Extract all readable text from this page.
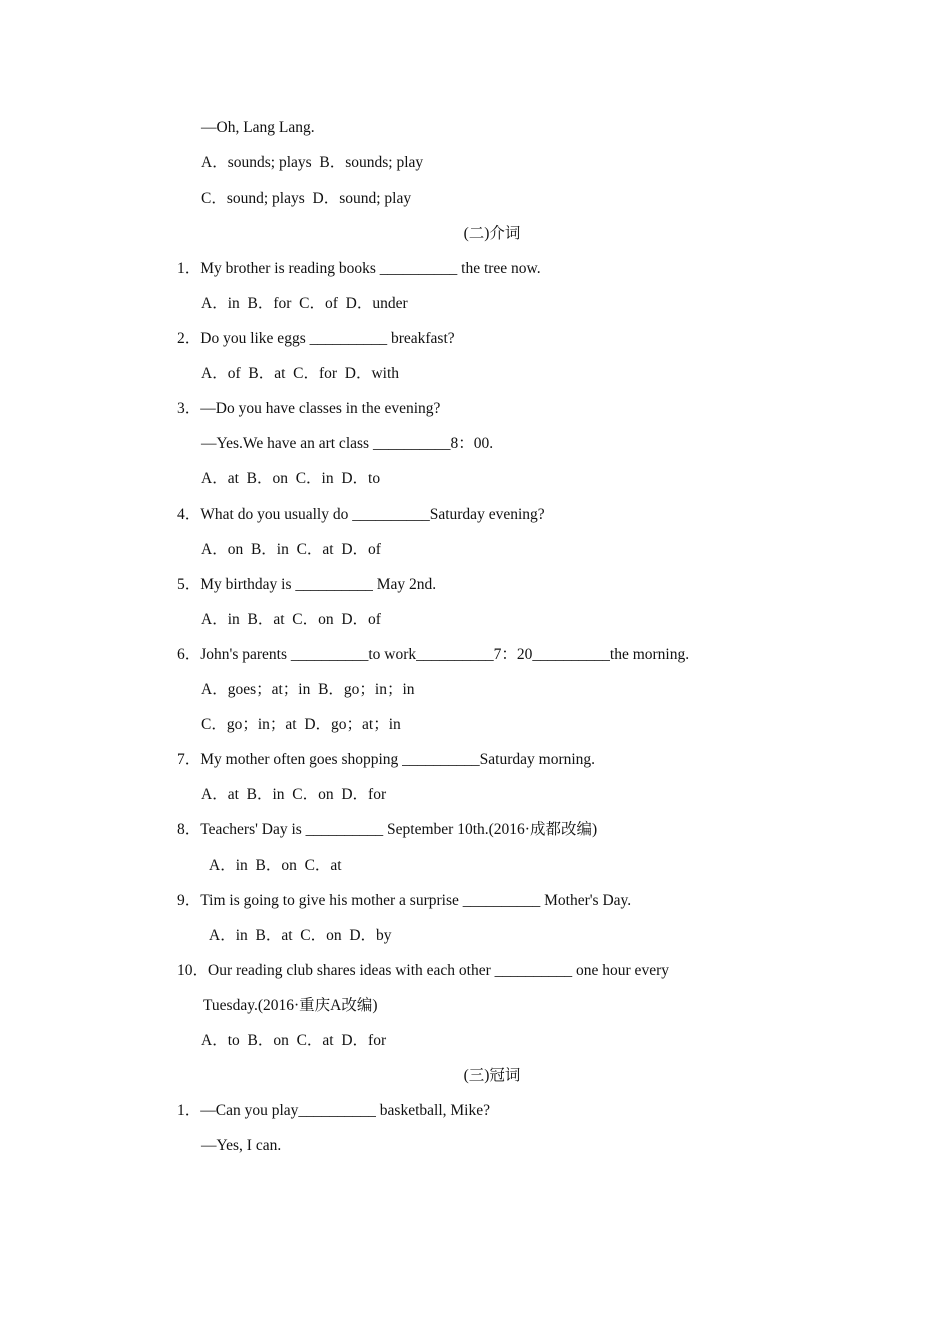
—Oh, Lang Lang.
A．sounds; plays  B．sounds; play
C．sound; plays  D．sound; play
(二)介词
1．My brother is reading books __________ the tree now.
A．in  B．for  C．of  D．under
2．Do you like eggs __________ breakfast?
A．of  B．at  C．for  D．with
3．—Do you have classes in the evening?
—Yes.We have an art class __________8：00.
A．at  B．on  C．in  D．to
4．What do you usually do __________Saturday evening?
A．on  B．in  C．at  D．of
5．My birthday is __________ May 2nd.
A．in  B．at  C．on  D．of
6．John's parents __________to work__________7：20__________the morning.
A．goes；at；in  B．go；in；in
C．go；in；at  D．go；at；in
7．My mother often goes shopping __________Saturday morning.
A．at  B．in  C．on  D．for
8．Teachers' Day is __________ September 10th.(2016·成都改编)
A．in  B．on  C．at
9．Tim is going to give his mother a surprise __________ Mother's Day.
A．in  B．at  C．on  D．by
10．Our reading club shares ideas with each other __________ one hour every
Tuesday.(2016·重庆A改编)
A．to  B．on  C．at  D．for
(三)冠词
1．—Can you play__________ basketball, Mike?
—Yes, I can.
